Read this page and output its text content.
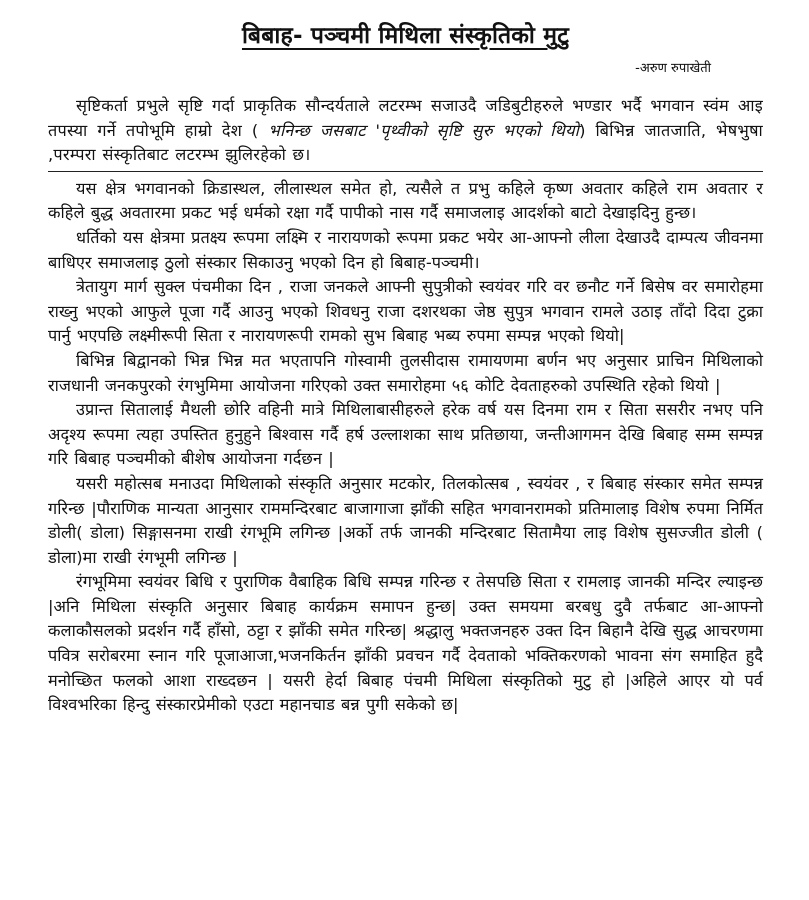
बिबाह- पञ्चमी मिथिला संस्कृतिको मुटु
-अरुण रुपाखेती

सृष्टिकर्ता प्रभुले सृष्टि गर्दा प्राकृतिक सौन्दर्यताले लटरम्भ सजाउदै जडिबुटीहरुले भण्डार भर्दै भगवान स्वंम आइ तपस्या गर्ने तपोभूमि हाम्रो देश ( भनिन्छ जसबाट 'पृथ्वीको सृष्टि सुरु भएको थियो) बिभिन्न जातजाति, भेषभुषा ,परम्परा संस्कृतिबाट लटरम्भ झुलिरहेको छ।

यस क्षेत्र भगवानको क्रिडास्थल, लीलास्थल समेत हो, त्यसैले त प्रभु कहिले कृष्ण अवतार कहिले राम अवतार र कहिले बुद्ध अवतारमा प्रकट भई धर्मको रक्षा गर्दै पापीको नास गर्दै समाजलाइ आदर्शको बाटो देखाइदिनु हुन्छ।

धर्तिको यस क्षेत्रमा प्रतक्ष्य रूपमा लक्ष्मि र नारायणको रूपमा प्रकट भयेर आ-आफ्नो लीला देखाउदै दाम्पत्य जीवनमा बाधिएर समाजलाइ ठुलो संस्कार सिकाउनु भएको दिन हो बिबाह-पञ्चमी।

त्रेतायुग मार्ग सुक्ल पंचमीका दिन , राजा जनकले आफ्नी सुपुत्रीको स्वयंवर गरि वर छनौट गर्ने बिसेष वर समारोहमा राख्नु भएको आफुले पूजा गर्दै आउनु भएको शिवधनु राजा दशरथका जेष्ठ सुपुत्र भगवान रामले उठाइ ताँदो दिदा टुक्रा पार्नु भएपछि लक्ष्मीरूपी सिता र नारायणरूपी रामको सुभ बिबाह भब्य रुपमा सम्पन्न भएको थियो|

बिभिन्न बिद्वानको भिन्न भिन्न मत भएतापनि गोस्वामी तुलसीदास रामायणमा बर्णन भए अनुसार प्राचिन मिथिलाको राजधानी जनकपुरको रंगभुमिमा आयोजना गरिएको उक्त समारोहमा ५६ कोटि देवताहरुको उपस्थिति रहेको थियो |

उप्रान्त सितालाई मैथली छोरि वहिनी मात्रे मिथिलाबासीहरुले हरेक वर्ष यस दिनमा राम र सिता ससरीर नभए पनि अदृश्य रूपमा त्यहा उपस्तित हुनुहुने बिश्वास गर्दै हर्ष उल्लाशका साथ प्रतिछाया, जन्तीआगमन देखि बिबाह सम्म सम्पन्न गरि बिबाह पञ्चमीको बीशेष आयोजना गर्दछन |

यसरी महोत्सब मनाउदा मिथिलाको संस्कृति अनुसार मटकोर, तिलकोत्सब , स्वयंवर , र बिबाह संस्कार समेत सम्पन्न गरिन्छ |पौराणिक मान्यता आनुसार राममन्दिरबाट बाजागाजा झाँकी सहित भगवानरामको प्रतिमालाइ विशेष रुपमा निर्मित डोली( डोला) सिङ्गासनमा राखी रंगभूमि लगिन्छ |अर्को तर्फ जानकी मन्दिरबाट सितामैया लाइ विशेष सुसज्जीत डोली ( डोला)मा राखी रंगभूमी लगिन्छ |

रंगभूमिमा स्वयंवर बिधि र पुराणिक वैबाहिक बिधि सम्पन्न गरिन्छ र तेसपछि सिता र रामलाइ जानकी मन्दिर ल्याइन्छ |अनि मिथिला संस्कृति अनुसार बिबाह कार्यक्रम समापन हुन्छ| उक्त समयमा बरबधु दुवै तर्फबाट आ-आफ्नो कलाकौसलको प्रदर्शन गर्दै हाँसो, ठट्टा र झाँकी समेत गरिन्छ| श्रद्धालु भक्तजनहरु उक्त दिन बिहानै देखि सुद्ध आचरणमा पवित्र सरोबरमा स्नान गरि पूजाआजा,भजनकिर्तन झाँकी प्रवचन गर्दै देवताको भक्तिकरणको भावना संग समाहित हुदै मनोच्छित फलको आशा राख्दछन | यसरी हेर्दा बिबाह पंचमी मिथिला संस्कृतिको मुटु हो |अहिले आएर यो पर्व विश्वभरिका हिन्दु संस्कारप्रेमीको एउटा महानचाड बन्न पुगी सकेको छ|
